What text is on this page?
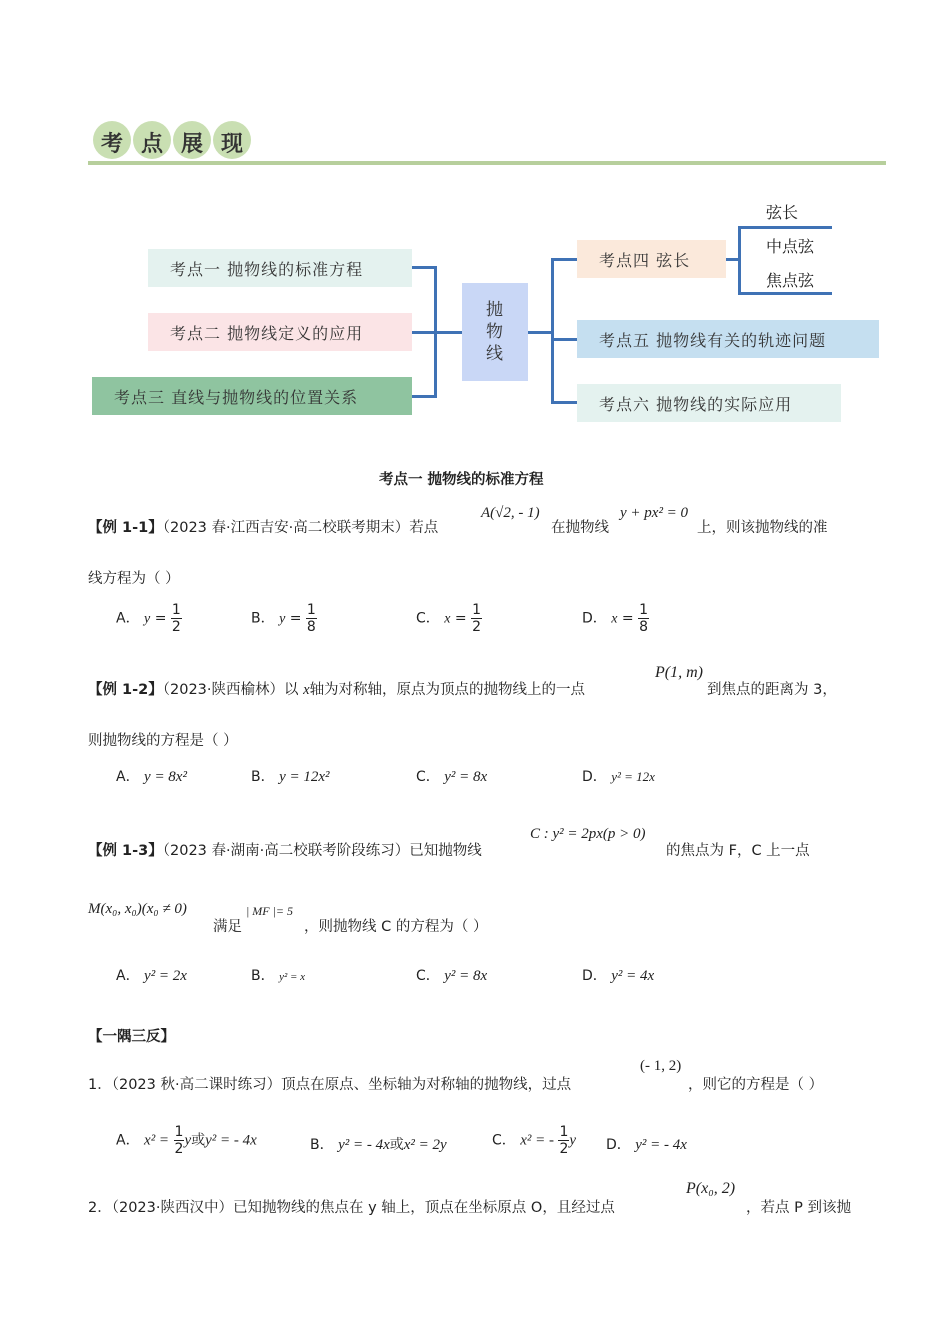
考 点 展 现
考点一 抛物线的标准方程
考点二 抛物线定义的应用
考点三 直线与抛物线的位置关系
抛
物
线
考点四 弦长
考点五 抛物线有关的轨迹问题
考点六 抛物线的实际应用
弦长
中点弦
焦点弦
考点一 抛物线的标准方程
【例 1-1】（2023 春·江西吉安·高二校联考期末）若点
A(√2, - 1)
在抛物线
y + px² = 0
上，则该抛物线的准
线方程为（ ）
A． $y = \frac{1}{2}$	B． $y = \frac{1}{8}$	C． $x = \frac{1}{2}$	D． $x = \frac{1}{8}$
【例 1-2】（2023·陕西榆林）以 x轴为对称轴，原点为顶点的抛物线上的一点
P(1, m)
到焦点的距离为 3，
则抛物线的方程是（ ）
A． y = 8x²	B． y = 12x²	C． y² = 8x	D． y² = 12x
【例 1-3】（2023 春·湖南·高二校联考阶段练习）已知抛物线
C : y² = 2px(p > 0)
的焦点为 F，C 上一点
M(x₀, x₀)(x₀ ≠ 0)
满足
| MF |= 5
，则抛物线 C 的方程为（ ）
A． y² = 2x	B． y² = x	C． y² = 8x	D． y² = 4x
【一隅三反】
1．（2023 秋·高二课时练习）顶点在原点、坐标轴为对称轴的抛物线，过点
(- 1, 2)
，则它的方程是（ ）
A． $x^2 = \frac{1}{2}$ y或y² = - 4x	B． y² = - 4x或x² = 2y	C． x² = - $\frac{1}{2}$ y D． y² = - 4x
2．（2023·陕西汉中）已知抛物线的焦点在 y 轴上，顶点在坐标原点 O，且经过点
P(x₀, 2)
，若点 P 到该抛
